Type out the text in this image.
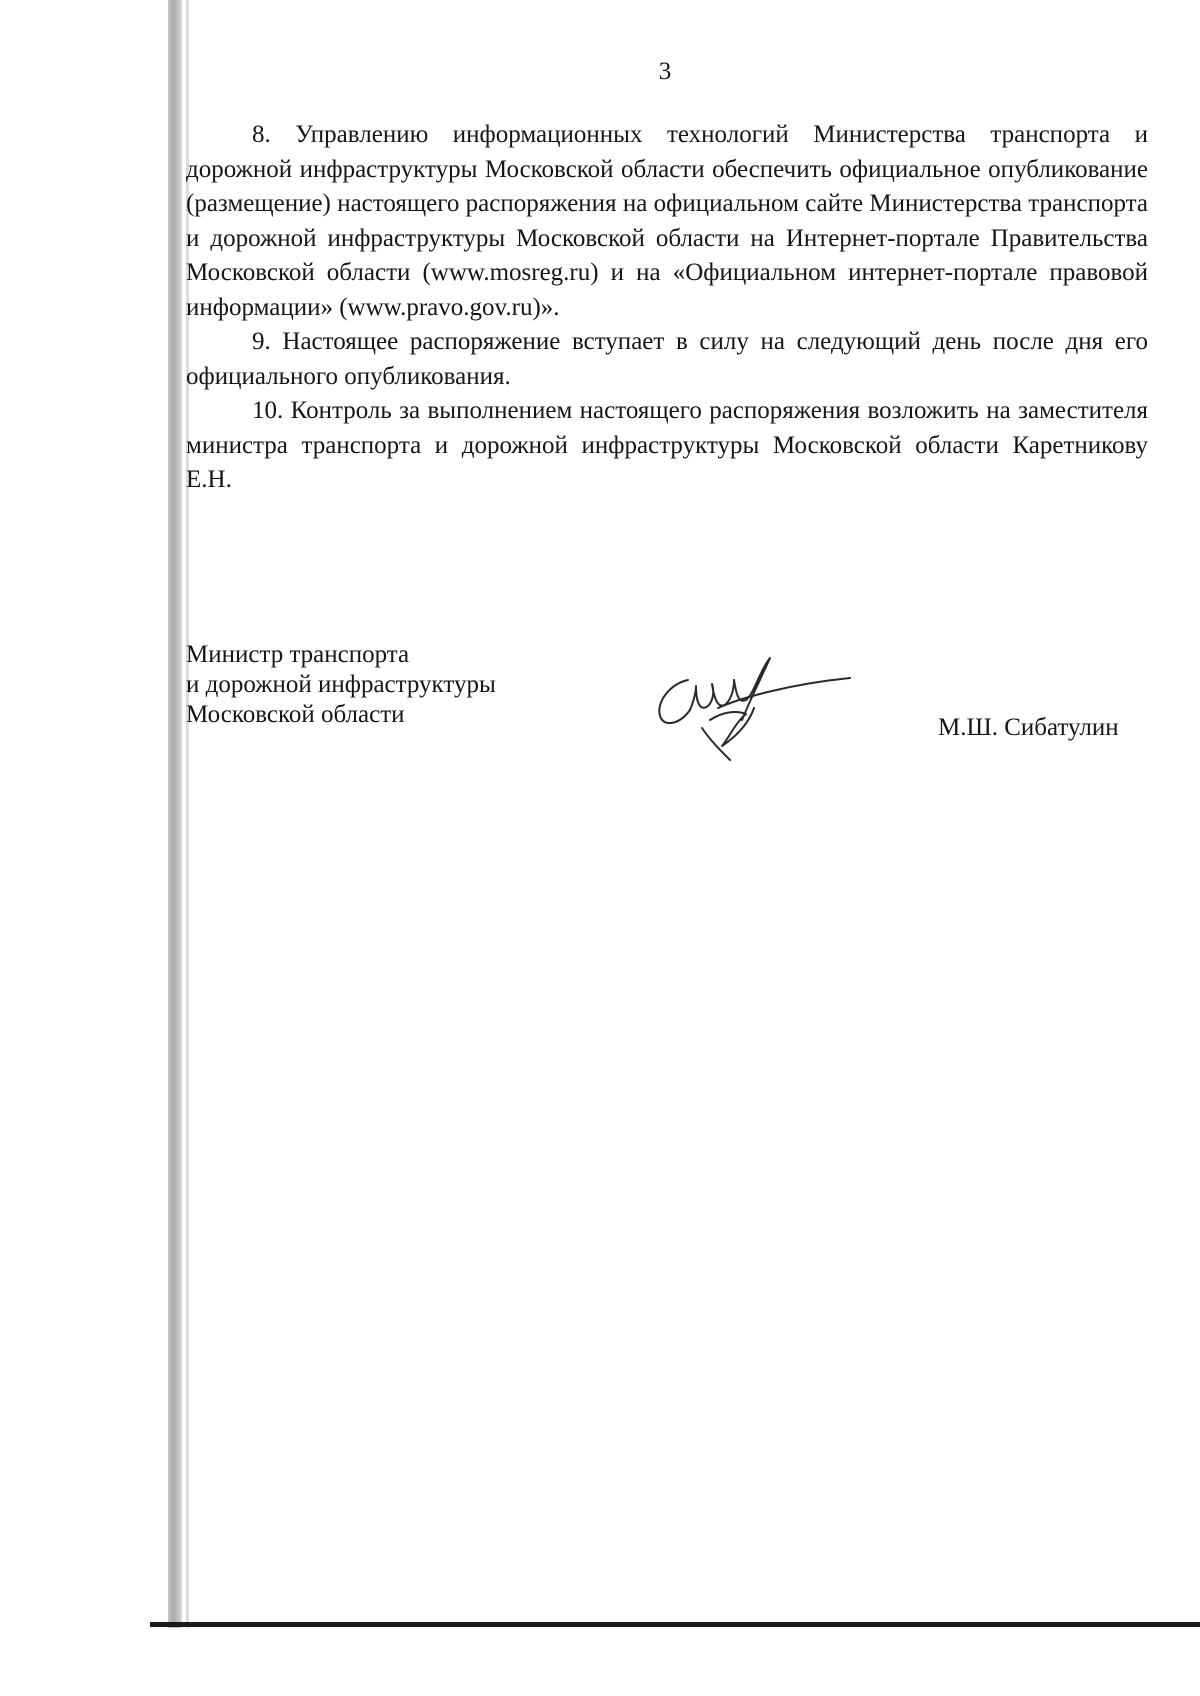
3

8. Управлению информационных технологий Министерства транспорта и дорожной инфраструктуры Московской области обеспечить официальное опубликование (размещение) настоящего распоряжения на официальном сайте Министерства транспорта и дорожной инфраструктуры Московской области на Интернет-портале Правительства Московской области (www.mosreg.ru) и на «Официальном интернет-портале правовой информации» (www.pravo.gov.ru)».

9. Настоящее распоряжение вступает в силу на следующий день после дня его официального опубликования.

10. Контроль за выполнением настоящего распоряжения возложить на заместителя министра транспорта и дорожной инфраструктуры Московской области Каретникову Е.Н.

Министр транспорта
и дорожной инфраструктуры
Московской области	М.Ш. Сибатулин
